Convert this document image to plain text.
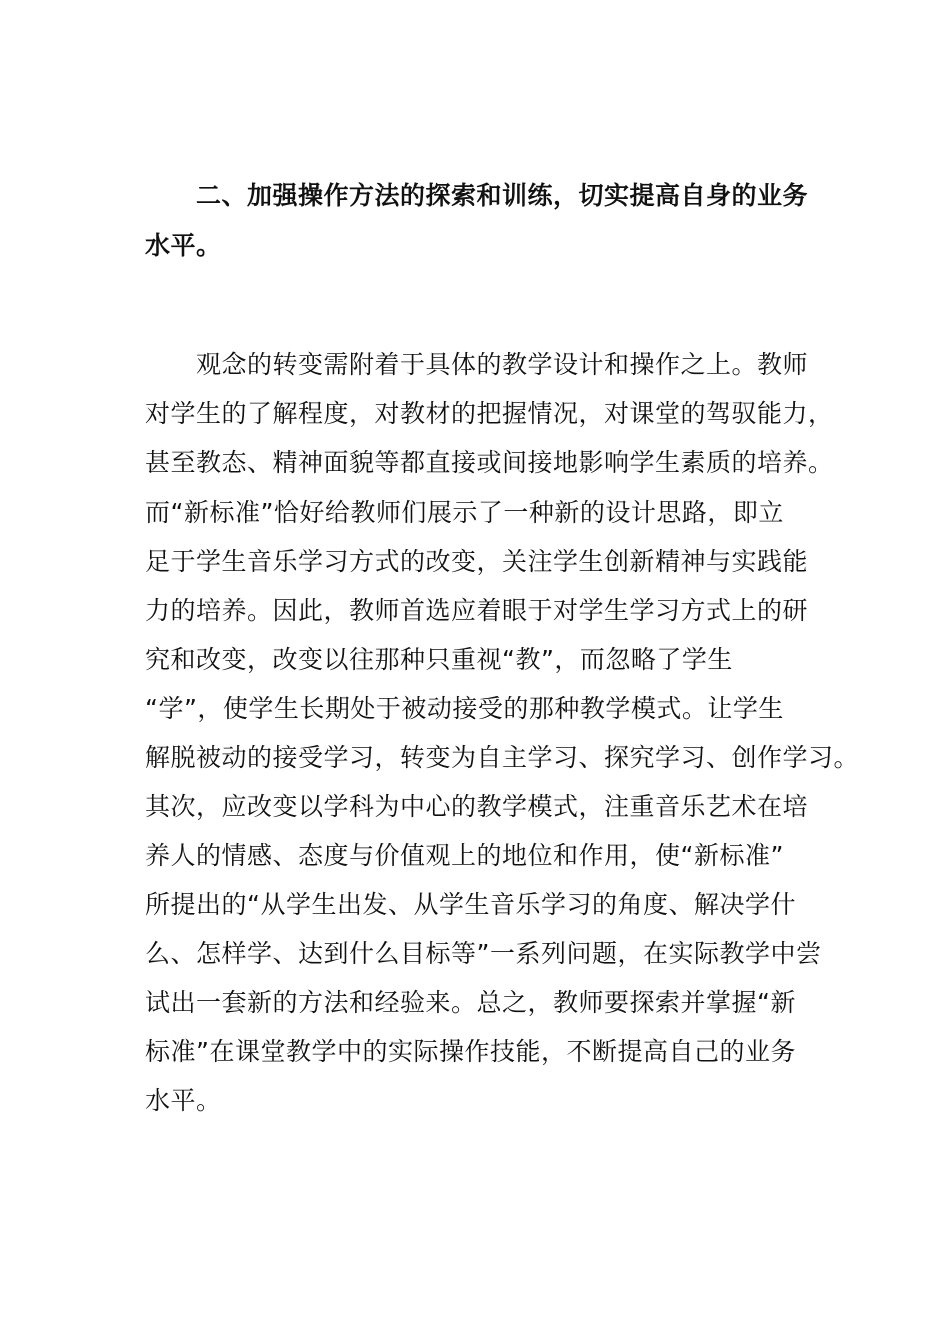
二、加强操作方法的探索和训练，切实提高自身的业务
水平。
观念的转变需附着于具体的教学设计和操作之上。教师
对学生的了解程度，对教材的把握情况，对课堂的驾驭能力，
甚至教态、精神面貌等都直接或间接地影响学生素质的培养。
而“新标准”恰好给教师们展示了一种新的设计思路，即立
足于学生音乐学习方式的改变，关注学生创新精神与实践能
力的培养。因此，教师首选应着眼于对学生学习方式上的研
究和改变，改变以往那种只重视“教”，而忽略了学生
“学”，使学生长期处于被动接受的那种教学模式。让学生
解脱被动的接受学习，转变为自主学习、探究学习、创作学习。
其次，应改变以学科为中心的教学模式，注重音乐艺术在培
养人的情感、态度与价值观上的地位和作用，使“新标准”
所提出的“从学生出发、从学生音乐学习的角度、解决学什
么、怎样学、达到什么目标等”一系列问题，在实际教学中尝
试出一套新的方法和经验来。总之，教师要探索并掌握“新
标准”在课堂教学中的实际操作技能，不断提高自己的业务
水平。
